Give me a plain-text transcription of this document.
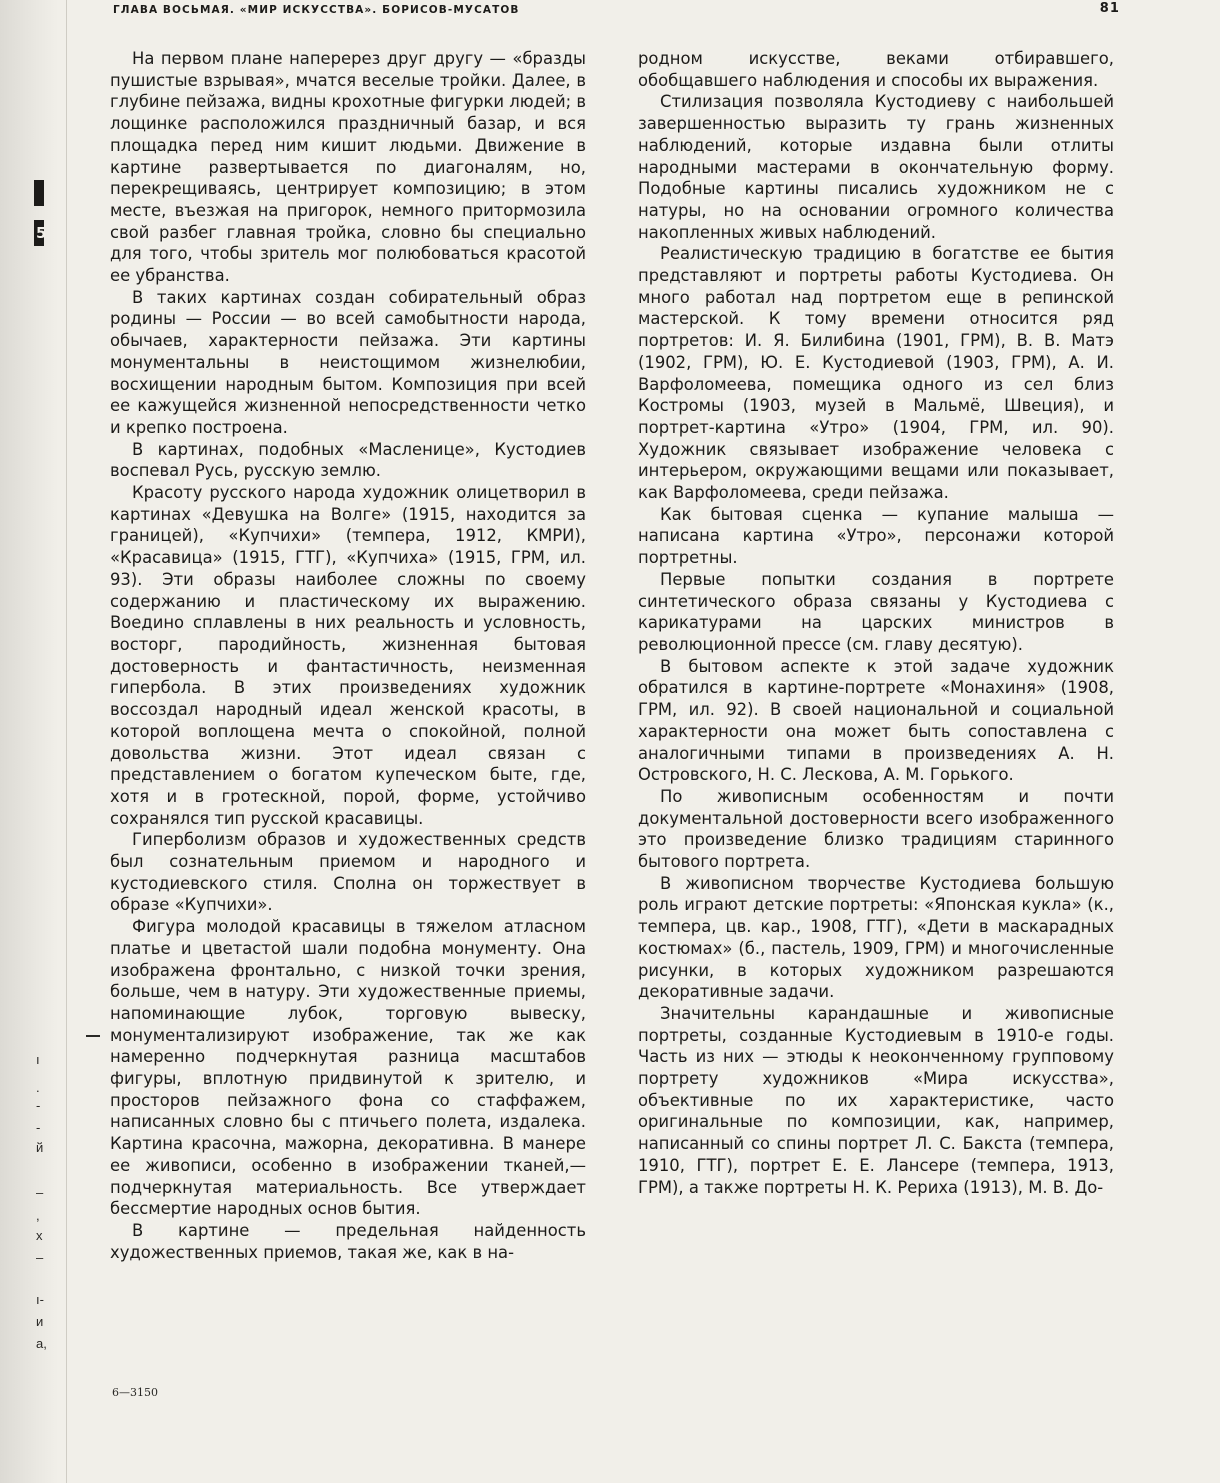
5
ı
.
-
-
й
–
,
х
–
ı-
и
а,
ГЛАВА ВОСЬМАЯ. «МИР ИСКУССТВА». БОРИСОВ-МУСАТОВ	81

На первом плане наперерез друг другу — «бразды пушистые взрывая», мчатся веселые тройки. Далее, в глубине пейзажа, видны крохотные фигурки людей; в лощинке расположился праздничный базар, и вся площадка перед ним кишит людьми. Движение в картине развертывается по диагоналям, но, перекрещиваясь, центрирует композицию; в этом месте, въезжая на пригорок, немного притормозила свой разбег главная тройка, словно бы специально для того, чтобы зритель мог полюбоваться красотой ее убранства.

В таких картинах создан собирательный образ родины — России — во всей самобытности народа, обычаев, характерности пейзажа. Эти картины монументальны в неистощимом жизнелюбии, восхищении народным бытом. Композиция при всей ее кажущейся жизненной непосредственности четко и крепко построена.

В картинах, подобных «Масленице», Кустодиев воспевал Русь, русскую землю.

Красоту русского народа художник олицетворил в картинах «Девушка на Волге» (1915, находится за границей), «Купчихи» (темпера, 1912, КМРИ), «Красавица» (1915, ГТГ), «Купчиха» (1915, ГРМ, ил. 93). Эти образы наиболее сложны по своему содержанию и пластическому их выражению. Воедино сплавлены в них реальность и условность, восторг, пародийность, жизненная бытовая достоверность и фантастичность, неизменная гипербола. В этих произведениях художник воссоздал народный идеал женской красоты, в которой воплощена мечта о спокойной, полной довольства жизни. Этот идеал связан с представлением о богатом купеческом быте, где, хотя и в гротескной, порой, форме, устойчиво сохранялся тип русской красавицы.

Гиперболизм образов и художественных средств был сознательным приемом и народного и кустодиевского стиля. Сполна он торжествует в образе «Купчихи».

Фигура молодой красавицы в тяжелом атласном платье и цветастой шали подобна монументу. Она изображена фронтально, с низкой точки зрения, больше, чем в натуру. Эти художественные приемы, напоминающие лубок, торговую вывеску, монументализируют изображение, так же как намеренно подчеркнутая разница масштабов фигуры, вплотную придвинутой к зрителю, и просторов пейзажного фона со стаффажем, написанных словно бы с птичьего полета, издалека. Картина красочна, мажорна, декоративна. В манере ее живописи, особенно в изображении тканей,— подчеркнутая материальность. Все утверждает бессмертие народных основ бытия.

В картине — предельная найденность художественных приемов, такая же, как в на-

родном искусстве, веками отбиравшего, обобщавшего наблюдения и способы их выражения.

Стилизация позволяла Кустодиеву с наибольшей завершенностью выразить ту грань жизненных наблюдений, которые издавна были отлиты народными мастерами в окончательную форму. Подобные картины писались художником не с натуры, но на основании огромного количества накопленных живых наблюдений.

Реалистическую традицию в богатстве ее бытия представляют и портреты работы Кустодиева. Он много работал над портретом еще в репинской мастерской. К тому времени относится ряд портретов: И. Я. Билибина (1901, ГРМ), В. В. Матэ (1902, ГРМ), Ю. Е. Кустодиевой (1903, ГРМ), А. И. Варфоломеева, помещика одного из сел близ Костромы (1903, музей в Мальмё, Швеция), и портрет-картина «Утро» (1904, ГРМ, ил. 90). Художник связывает изображение человека с интерьером, окружающими вещами или показывает, как Варфоломеева, среди пейзажа.

Как бытовая сценка — купание малыша — написана картина «Утро», персонажи которой портретны.

Первые попытки создания в портрете синтетического образа связаны у Кустодиева с карикатурами на царских министров в революционной прессе (см. главу десятую).

В бытовом аспекте к этой задаче художник обратился в картине-портрете «Монахиня» (1908, ГРМ, ил. 92). В своей национальной и социальной характерности она может быть сопоставлена с аналогичными типами в произведениях А. Н. Островского, Н. С. Лескова, А. М. Горького.

По живописным особенностям и почти документальной достоверности всего изображенного это произведение близко традициям старинного бытового портрета.

В живописном творчестве Кустодиева большую роль играют детские портреты: «Японская кукла» (к., темпера, цв. кар., 1908, ГТГ), «Дети в маскарадных костюмах» (б., пастель, 1909, ГРМ) и многочисленные рисунки, в которых художником разрешаются декоративные задачи.

Значительны карандашные и живописные портреты, созданные Кустодиевым в 1910-е годы. Часть из них — этюды к неоконченному групповому портрету художников «Мира искусства», объективные по их характеристике, часто оригинальные по композиции, как, например, написанный со спины портрет Л. С. Бакста (темпера, 1910, ГТГ), портрет Е. Е. Лансере (темпера, 1913, ГРМ), а также портреты Н. К. Рериха (1913), М. В. До-

6—3150
